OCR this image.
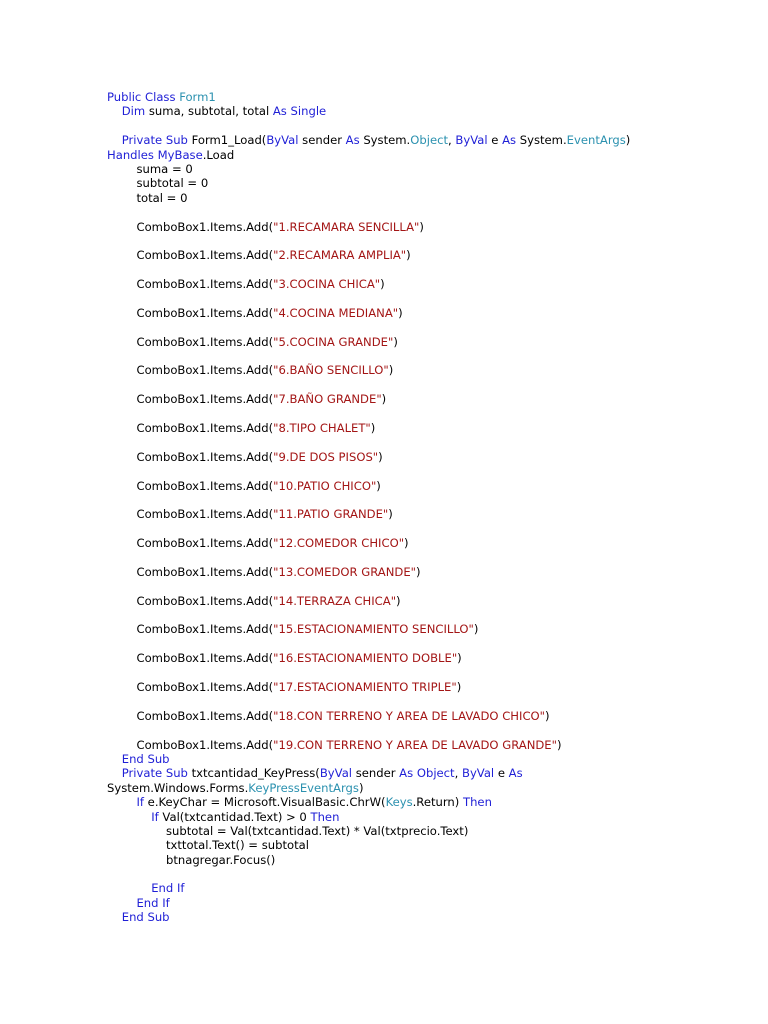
Public Class Form1
Dim suma, subtotal, total As Single
Private Sub Form1_Load(ByVal sender As System.Object, ByVal e As System.EventArgs)
Handles MyBase.Load
suma = 0
subtotal = 0
total = 0
ComboBox1.Items.Add("1.RECAMARA SENCILLA")
ComboBox1.Items.Add("2.RECAMARA AMPLIA")
ComboBox1.Items.Add("3.COCINA CHICA")
ComboBox1.Items.Add("4.COCINA MEDIANA")
ComboBox1.Items.Add("5.COCINA GRANDE")
ComboBox1.Items.Add("6.BAÑO SENCILLO")
ComboBox1.Items.Add("7.BAÑO GRANDE")
ComboBox1.Items.Add("8.TIPO CHALET")
ComboBox1.Items.Add("9.DE DOS PISOS")
ComboBox1.Items.Add("10.PATIO CHICO")
ComboBox1.Items.Add("11.PATIO GRANDE")
ComboBox1.Items.Add("12.COMEDOR CHICO")
ComboBox1.Items.Add("13.COMEDOR GRANDE")
ComboBox1.Items.Add("14.TERRAZA CHICA")
ComboBox1.Items.Add("15.ESTACIONAMIENTO SENCILLO")
ComboBox1.Items.Add("16.ESTACIONAMIENTO DOBLE")
ComboBox1.Items.Add("17.ESTACIONAMIENTO TRIPLE")
ComboBox1.Items.Add("18.CON TERRENO Y AREA DE LAVADO CHICO")
ComboBox1.Items.Add("19.CON TERRENO Y AREA DE LAVADO GRANDE")
End Sub
Private Sub txtcantidad_KeyPress(ByVal sender As Object, ByVal e As
System.Windows.Forms.KeyPressEventArgs)
If e.KeyChar = Microsoft.VisualBasic.ChrW(Keys.Return) Then
If Val(txtcantidad.Text) > 0 Then
subtotal = Val(txtcantidad.Text) * Val(txtprecio.Text)
txttotal.Text() = subtotal
btnagregar.Focus()
End If
End If
End Sub
